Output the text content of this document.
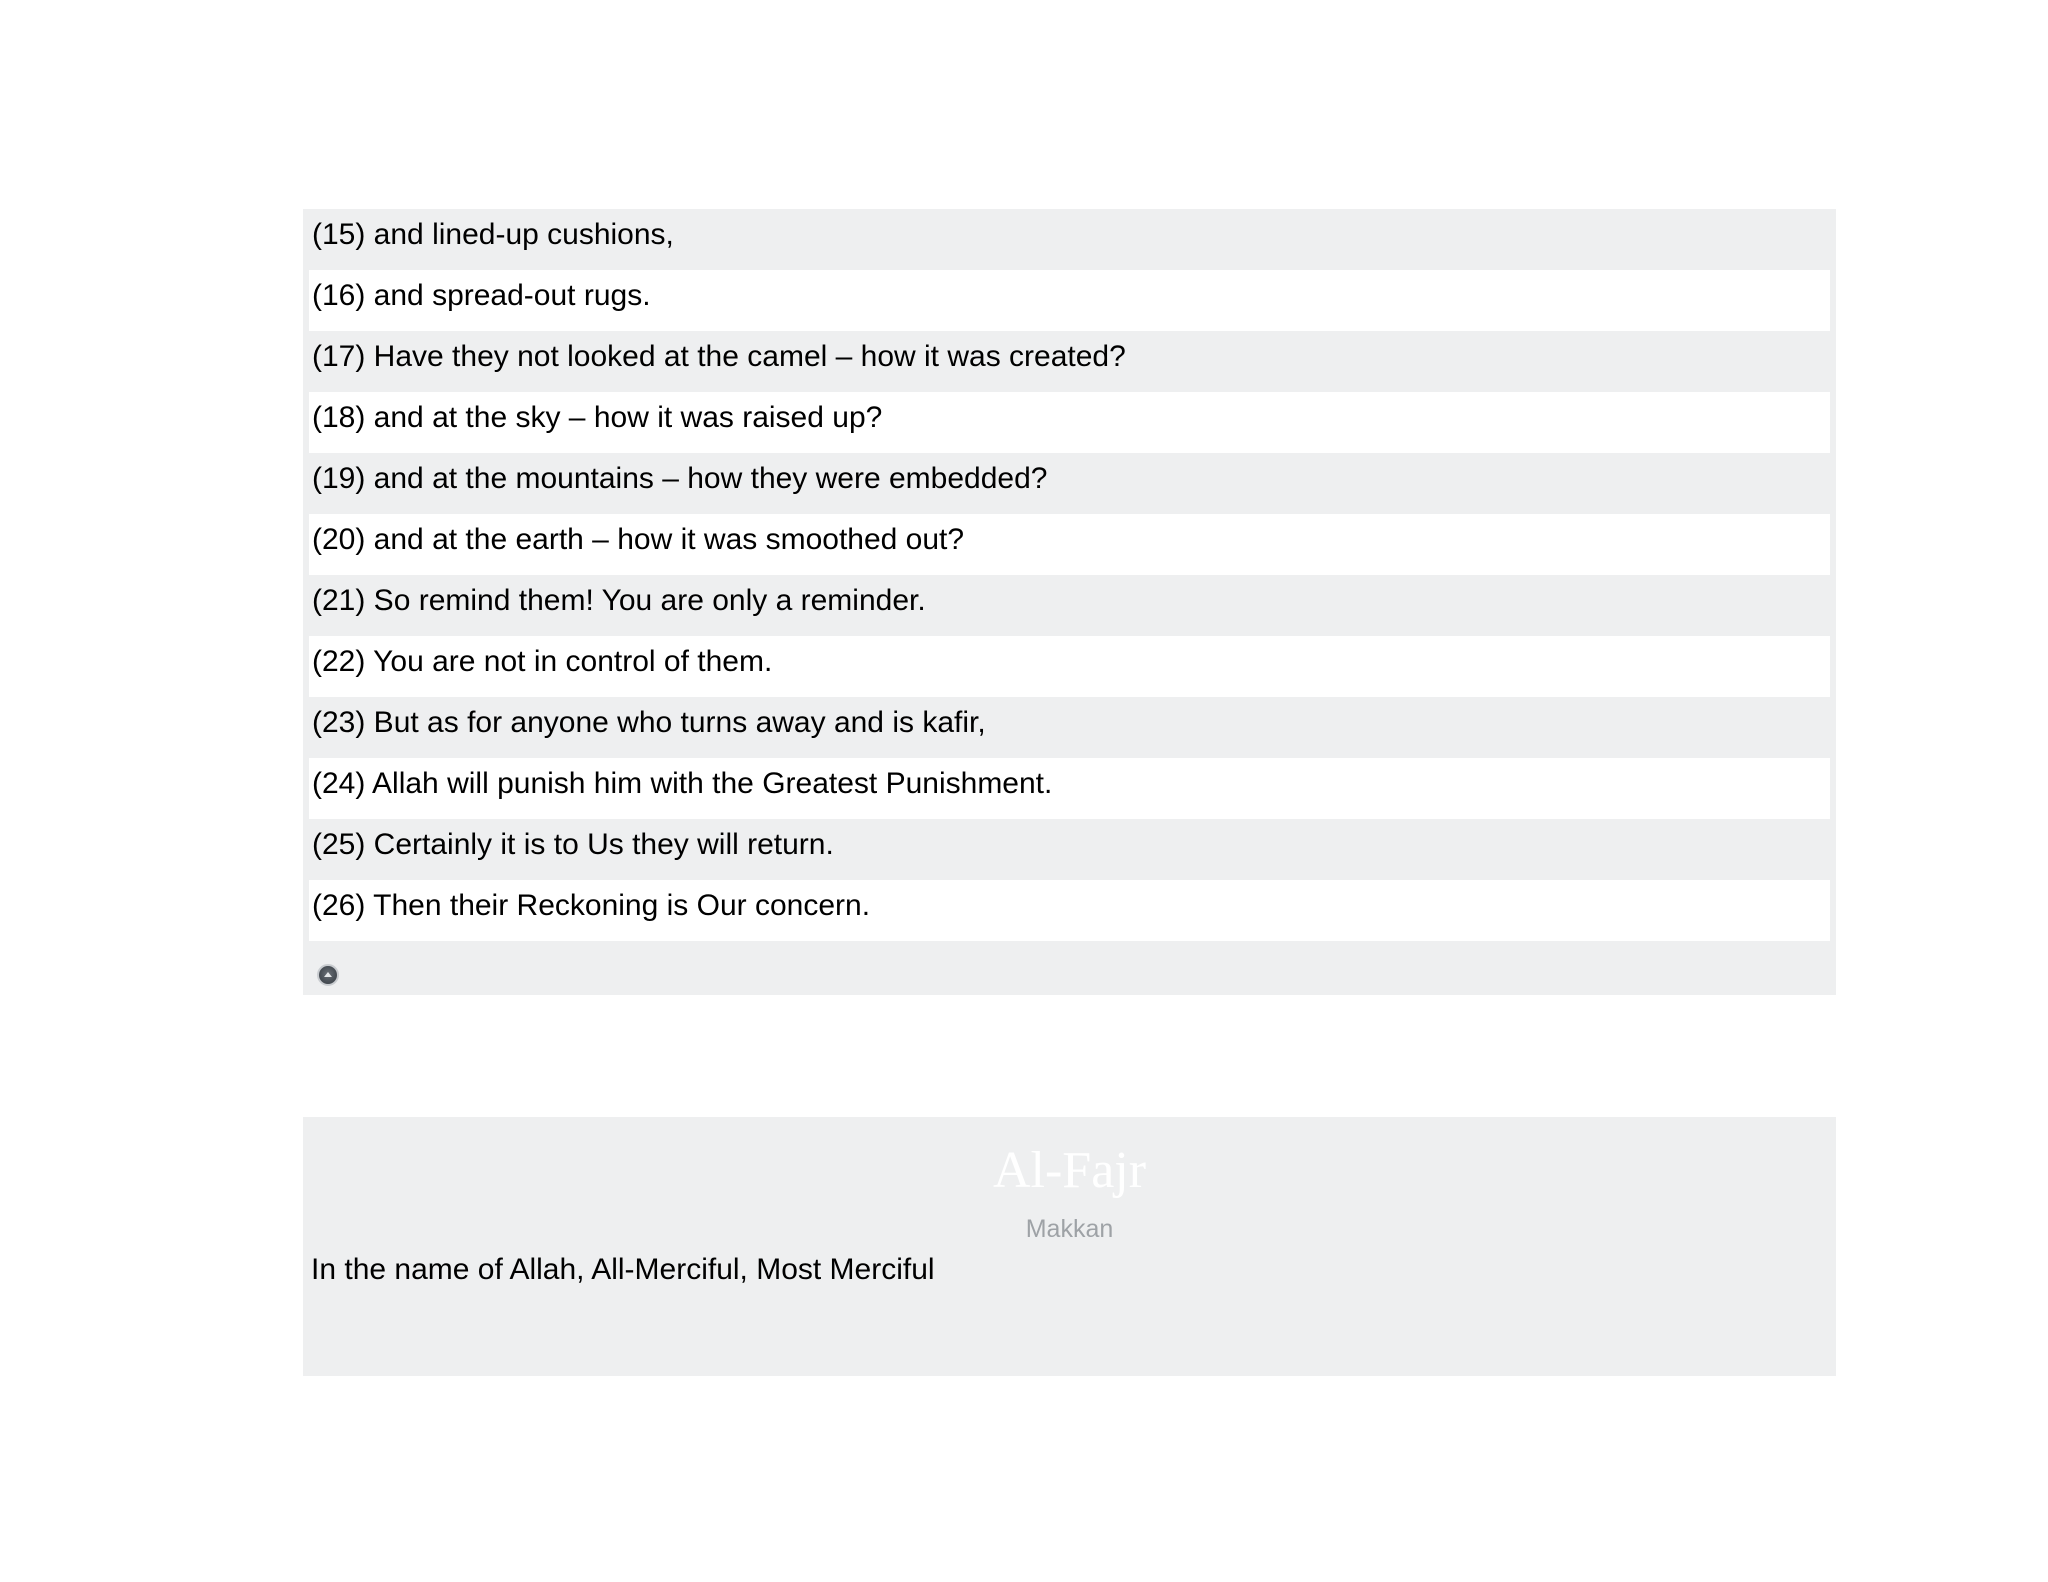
(15) and lined-up cushions,
(16) and spread-out rugs.
(17) Have they not looked at the camel – how it was created?
(18) and at the sky – how it was raised up?
(19) and at the mountains – how they were embedded?
(20) and at the earth – how it was smoothed out?
(21) So remind them! You are only a reminder.
(22) You are not in control of them.
(23) But as for anyone who turns away and is kafir,
(24) Allah will punish him with the Greatest Punishment.
(25) Certainly it is to Us they will return.
(26) Then their Reckoning is Our concern.
Al-Fajr
Makkan
In the name of Allah, All-Merciful, Most Merciful
